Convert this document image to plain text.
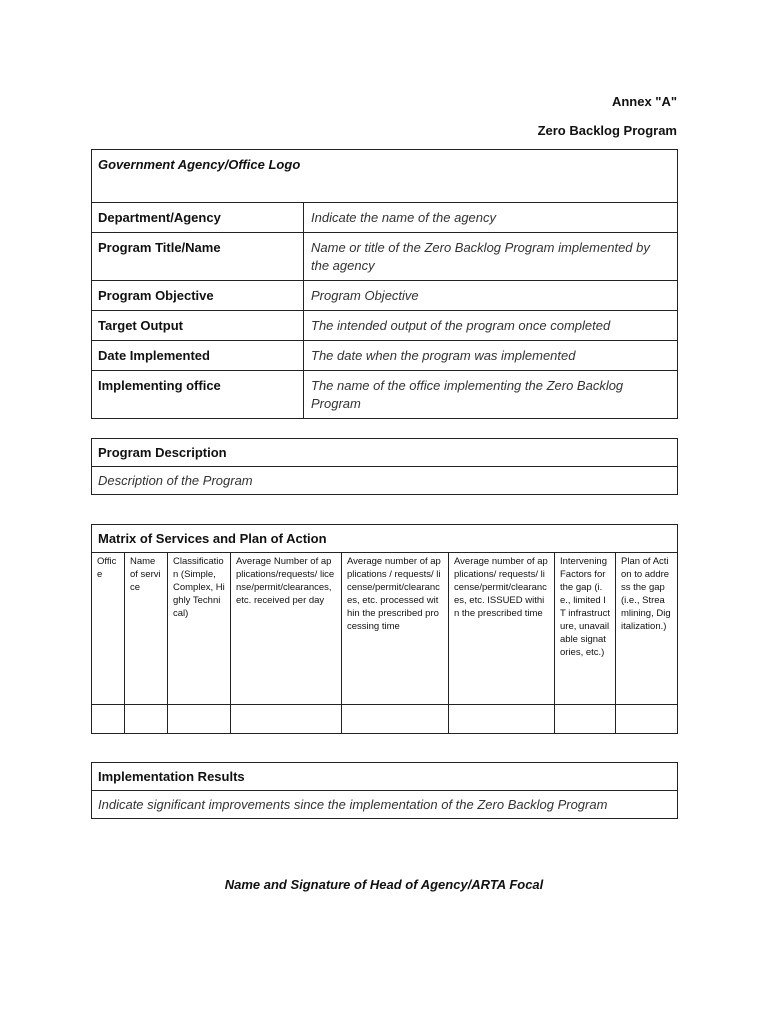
Annex "A"
Zero Backlog Program
Government Agency/Office Logo	
Department/Agency	Indicate the name of the agency
Program Title/Name	Name or title of the Zero Backlog Program implemented by the agency
Program Objective	Program Objective
Target Output	The intended output of the program once completed
Date Implemented	The date when the program was implemented
Implementing office	The name of the office implementing the Zero Backlog Program
Program Description
Description of the Program
Matrix of Services and Plan of Action							
Office	Name of service	Classification (Simple, Complex, Highly Technical)	Average Number of applications/requests/ license/permit/clearances, etc. received per day	Average number of applications / requests/ license/permit/clearances, etc. processed within the prescribed processing time	Average number of applications/ requests/ license/permit/clearances, etc. ISSUED within the prescribed time	Intervening Factors for the gap (i.e., limited IT infrastructure, unavailable signatories, etc.)	Plan of Action to address the gap (i.e., Streamlining, Digitalization.)

Implementation Results
Indicate significant improvements since the implementation of the Zero Backlog Program
Name and Signature of Head of Agency/ARTA Focal
